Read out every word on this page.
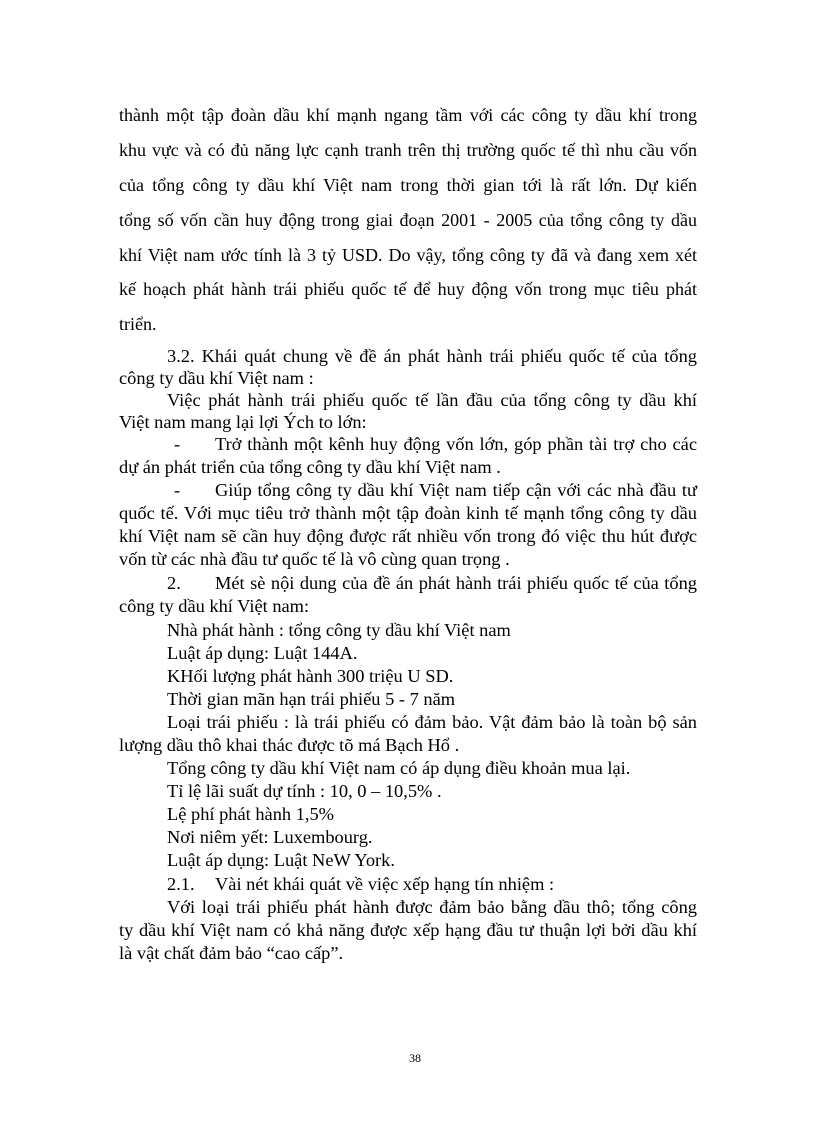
thành một tập đoàn dầu khí mạnh ngang tầm với các công ty dầu khí trong
khu vực và có đủ năng lực cạnh tranh trên thị trường quốc tế thì nhu cầu vốn
của tổng công ty dầu khí Việt nam trong thời gian tới là rất lớn. Dự kiến
tổng số vốn cần huy động trong giai đoạn 2001 - 2005 của tổng công ty dầu
khí Việt nam ước tính là 3 tỷ USD. Do vậy, tổng công ty đã và đang xem xét
kế hoạch phát hành trái phiếu quốc tế để huy động vốn trong mục tiêu phát
triển.
3.2. Khái quát chung về đề án phát hành trái phiếu quốc tế của tổng
công ty dầu khí Việt nam :
Việc phát hành trái phiếu quốc tế lần đầu của tổng công ty dầu khí
Việt nam mang lại lợi Ých to lớn:
- Trở thành một kênh huy động vốn lớn, góp phần tài trợ cho các
dự án phát triển của tổng công ty dầu khí Việt nam .
- Giúp tổng công ty dầu khí Việt nam tiếp cận với các nhà đầu tư
quốc tế. Với mục tiêu trở thành một tập đoàn kinh tế mạnh tổng công ty dầu
khí Việt nam sẽ cần huy động được rất nhiều vốn trong đó việc thu hút được
vốn từ các nhà đầu tư quốc tế là vô cùng quan trọng .
2. Mét sè nội dung của đề án phát hành trái phiếu quốc tế của tổng
công ty dầu khí Việt nam:
Nhà phát hành : tổng công ty dầu khí Việt nam
Luật áp dụng: Luật 144A.
KHối lượng phát hành 300 triệu U SD.
Thời gian mãn hạn trái phiếu 5 - 7 năm
Loại trái phiếu : là trái phiếu có đảm bảo. Vật đảm bảo là toàn bộ sản
lượng dầu thô khai thác được tõ má Bạch Hổ .
Tổng công ty dầu khí Việt nam có áp dụng điều khoản mua lại.
Tỉ lệ lãi suất dự tính : 10, 0 – 10,5% .
Lệ phí phát hành 1,5%
Nơi niêm yết: Luxembourg.
Luật áp dụng: Luật NeW York.
2.1. Vài nét khái quát về việc xếp hạng tín nhiệm :
Với loại trái phiếu phát hành được đảm bảo bằng dầu thô; tổng công
ty dầu khí Việt nam có khả năng được xếp hạng đầu tư thuận lợi bởi dầu khí
là vật chất đảm bảo “cao cấp”.
38
